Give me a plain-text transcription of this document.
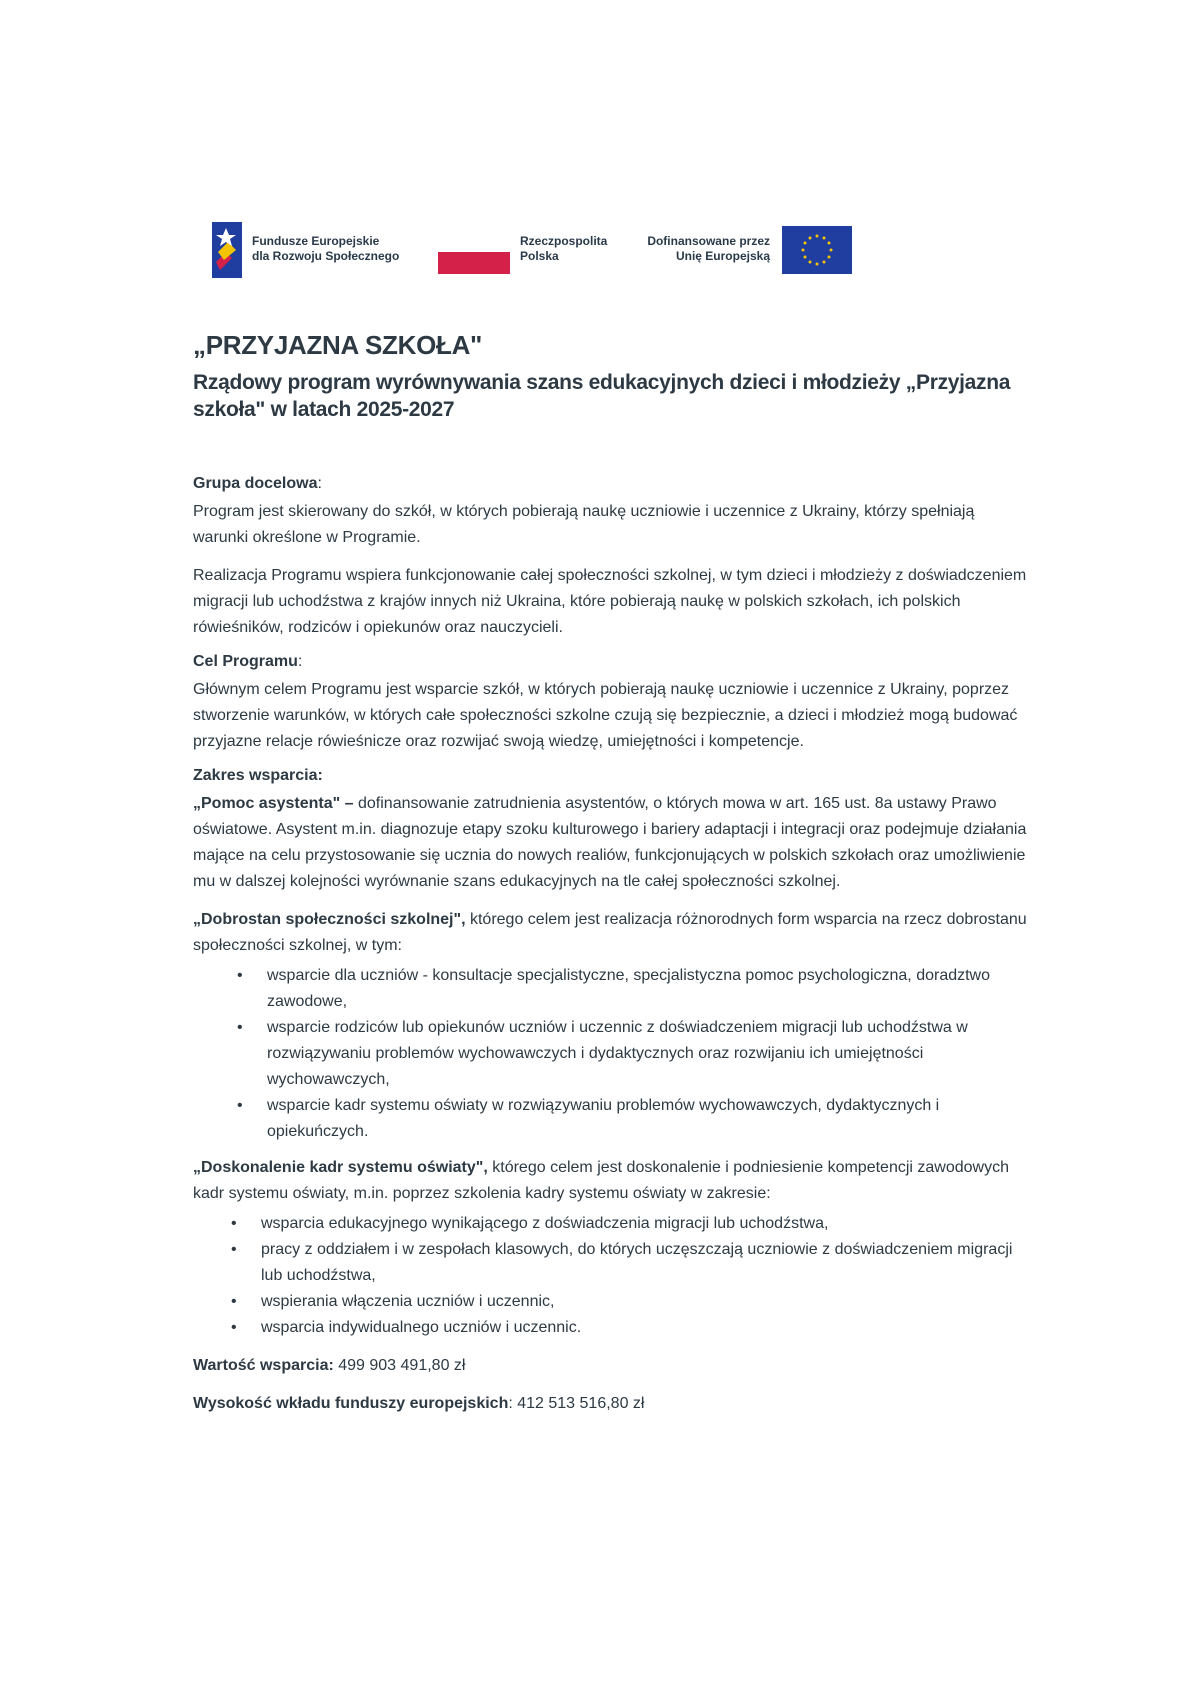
Fundusze Europejskie
dla Rozwoju Społecznego
Rzeczpospolita
Polska
Dofinansowane przez
Unię Europejską
„PRZYJAZNA SZKOŁA"
Rządowy program wyrównywania szans edukacyjnych dzieci i młodzieży „Przyjazna szkoła" w latach 2025-2027
Grupa docelowa:

Program jest skierowany do szkół, w których pobierają naukę uczniowie i uczennice z Ukrainy, którzy spełniają warunki określone w Programie.

Realizacja Programu wspiera funkcjonowanie całej społeczności szkolnej, w tym dzieci i młodzieży z doświadczeniem migracji lub uchodźstwa z krajów innych niż Ukraina, które pobierają naukę w polskich szkołach, ich polskich rówieśników, rodziców i opiekunów oraz nauczycieli.

Cel Programu:

Głównym celem Programu jest wsparcie szkół, w których pobierają naukę uczniowie i uczennice z Ukrainy, poprzez stworzenie warunków, w których całe społeczności szkolne czują się bezpiecznie, a dzieci i młodzież mogą budować przyjazne relacje rówieśnicze oraz rozwijać swoją wiedzę, umiejętności i kompetencje.

Zakres wsparcia:

„Pomoc asystenta" – dofinansowanie zatrudnienia asystentów, o których mowa w art. 165 ust. 8a ustawy Prawo oświatowe. Asystent m.in. diagnozuje etapy szoku kulturowego i bariery adaptacji i integracji oraz podejmuje działania mające na celu przystosowanie się ucznia do nowych realiów, funkcjonujących w polskich szkołach oraz umożliwienie mu w dalszej kolejności wyrównanie szans edukacyjnych na tle całej społeczności szkolnej.

„Dobrostan społeczności szkolnej", którego celem jest realizacja różnorodnych form wsparcia na rzecz dobrostanu społeczności szkolnej, w tym:

• wsparcie dla uczniów - konsultacje specjalistyczne, specjalistyczna pomoc psychologiczna, doradztwo zawodowe,
• wsparcie rodziców lub opiekunów uczniów i uczennic z doświadczeniem migracji lub uchodźstwa w rozwiązywaniu problemów wychowawczych i dydaktycznych oraz rozwijaniu ich umiejętności wychowawczych,
• wsparcie kadr systemu oświaty w rozwiązywaniu problemów wychowawczych, dydaktycznych i opiekuńczych.

„Doskonalenie kadr systemu oświaty", którego celem jest doskonalenie i podniesienie kompetencji zawodowych kadr systemu oświaty, m.in. poprzez szkolenia kadry systemu oświaty w zakresie:

• wsparcia edukacyjnego wynikającego z doświadczenia migracji lub uchodźstwa,
• pracy z oddziałem i w zespołach klasowych, do których uczęszczają uczniowie z doświadczeniem migracji lub uchodźstwa,
• wspierania włączenia uczniów i uczennic,
• wsparcia indywidualnego uczniów i uczennic.
Wartość wsparcia: 499 903 491,80 zł
Wysokość wkładu funduszy europejskich: 412 513 516,80 zł
